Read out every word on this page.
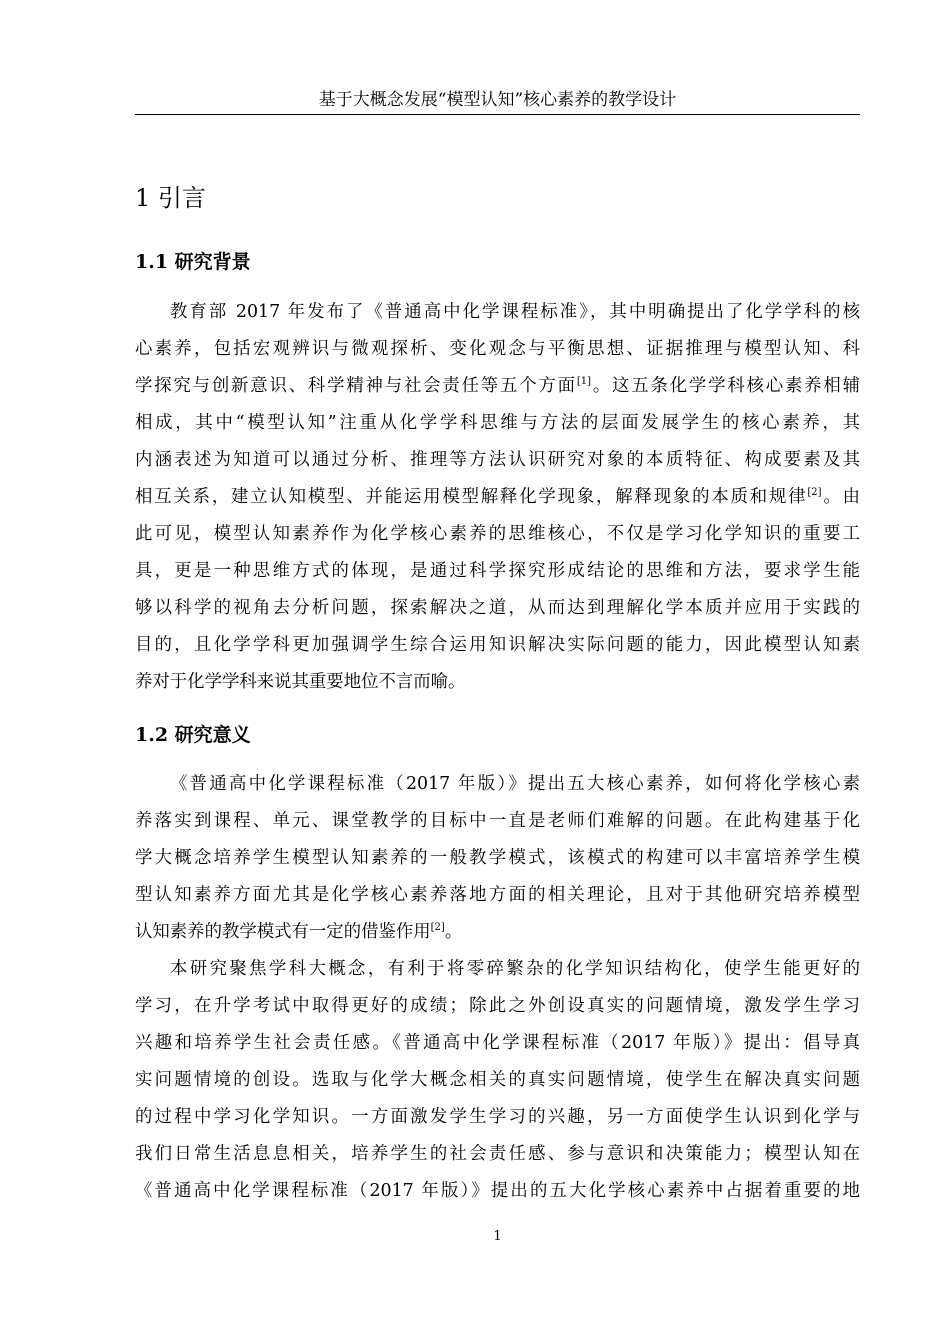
基于大概念发展“模型认知”核心素养的教学设计
1 引言
1.1 研究背景
教育部 2017 年发布了《普通高中化学课程标准》，其中明确提出了化学学科的核
心素养，包括宏观辨识与微观探析、变化观念与平衡思想、证据推理与模型认知、科
学探究与创新意识、科学精神与社会责任等五个方面[1]。这五条化学学科核心素养相辅
相成，其中“模型认知”注重从化学学科思维与方法的层面发展学生的核心素养，其
内涵表述为知道可以通过分析、推理等方法认识研究对象的本质特征、构成要素及其
相互关系，建立认知模型、并能运用模型解释化学现象，解释现象的本质和规律[2]。由
此可见，模型认知素养作为化学核心素养的思维核心，不仅是学习化学知识的重要工
具，更是一种思维方式的体现，是通过科学探究形成结论的思维和方法，要求学生能
够以科学的视角去分析问题，探索解决之道，从而达到理解化学本质并应用于实践的
目的，且化学学科更加强调学生综合运用知识解决实际问题的能力，因此模型认知素
养对于化学学科来说其重要地位不言而喻。
1.2 研究意义
《普通高中化学课程标准（2017 年版）》提出五大核心素养，如何将化学核心素
养落实到课程、单元、课堂教学的目标中一直是老师们难解的问题。在此构建基于化
学大概念培养学生模型认知素养的一般教学模式，该模式的构建可以丰富培养学生模
型认知素养方面尤其是化学核心素养落地方面的相关理论，且对于其他研究培养模型
认知素养的教学模式有一定的借鉴作用[2]。
本研究聚焦学科大概念，有利于将零碎繁杂的化学知识结构化，使学生能更好的
学习，在升学考试中取得更好的成绩；除此之外创设真实的问题情境，激发学生学习
兴趣和培养学生社会责任感。《普通高中化学课程标准（2017 年版）》提出：倡导真
实问题情境的创设。选取与化学大概念相关的真实问题情境，使学生在解决真实问题
的过程中学习化学知识。一方面激发学生学习的兴趣，另一方面使学生认识到化学与
我们日常生活息息相关，培养学生的社会责任感、参与意识和决策能力；模型认知在
《普通高中化学课程标准（2017 年版）》提出的五大化学核心素养中占据着重要的地
1
